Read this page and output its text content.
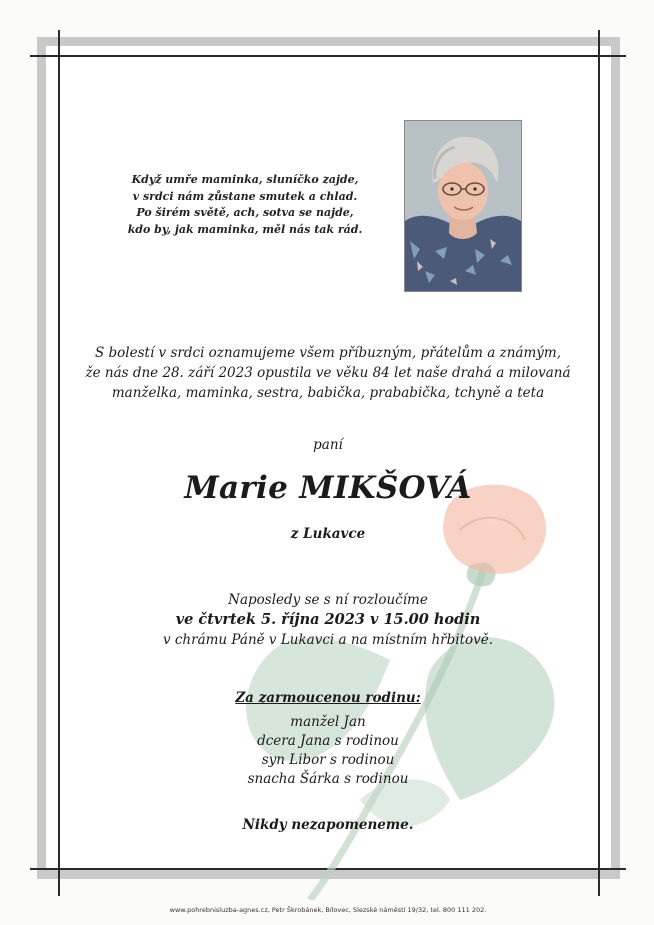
Když umře maminka, sluníčko zajde,
v srdci nám zůstane smutek a chlad.
Po širém světě, ach, sotva se najde,
kdo by, jak maminka, měl nás tak rád.
S bolestí v srdci oznamujeme všem příbuzným, přátelům a známým,
že nás dne 28. září 2023 opustila ve věku 84 let naše drahá a milovaná
manželka, maminka, sestra, babička, prababička, tchyně a teta
paní
Marie MIKŠOVÁ
z Lukavce
Naposledy se s ní rozloučíme
ve čtvrtek 5. října 2023 v 15.00 hodin
v chrámu Páně v Lukavci a na místním hřbitově.
Za zarmoucenou rodinu:
manžel Jan
dcera Jana s rodinou
syn Libor s rodinou
snacha Šárka s rodinou
Nikdy nezapomeneme.
www.pohrebnisluzba-agnes.cz, Petr Škrobánek, Bílovec, Slezské náměstí 19/32, tel. 800 111 202.
